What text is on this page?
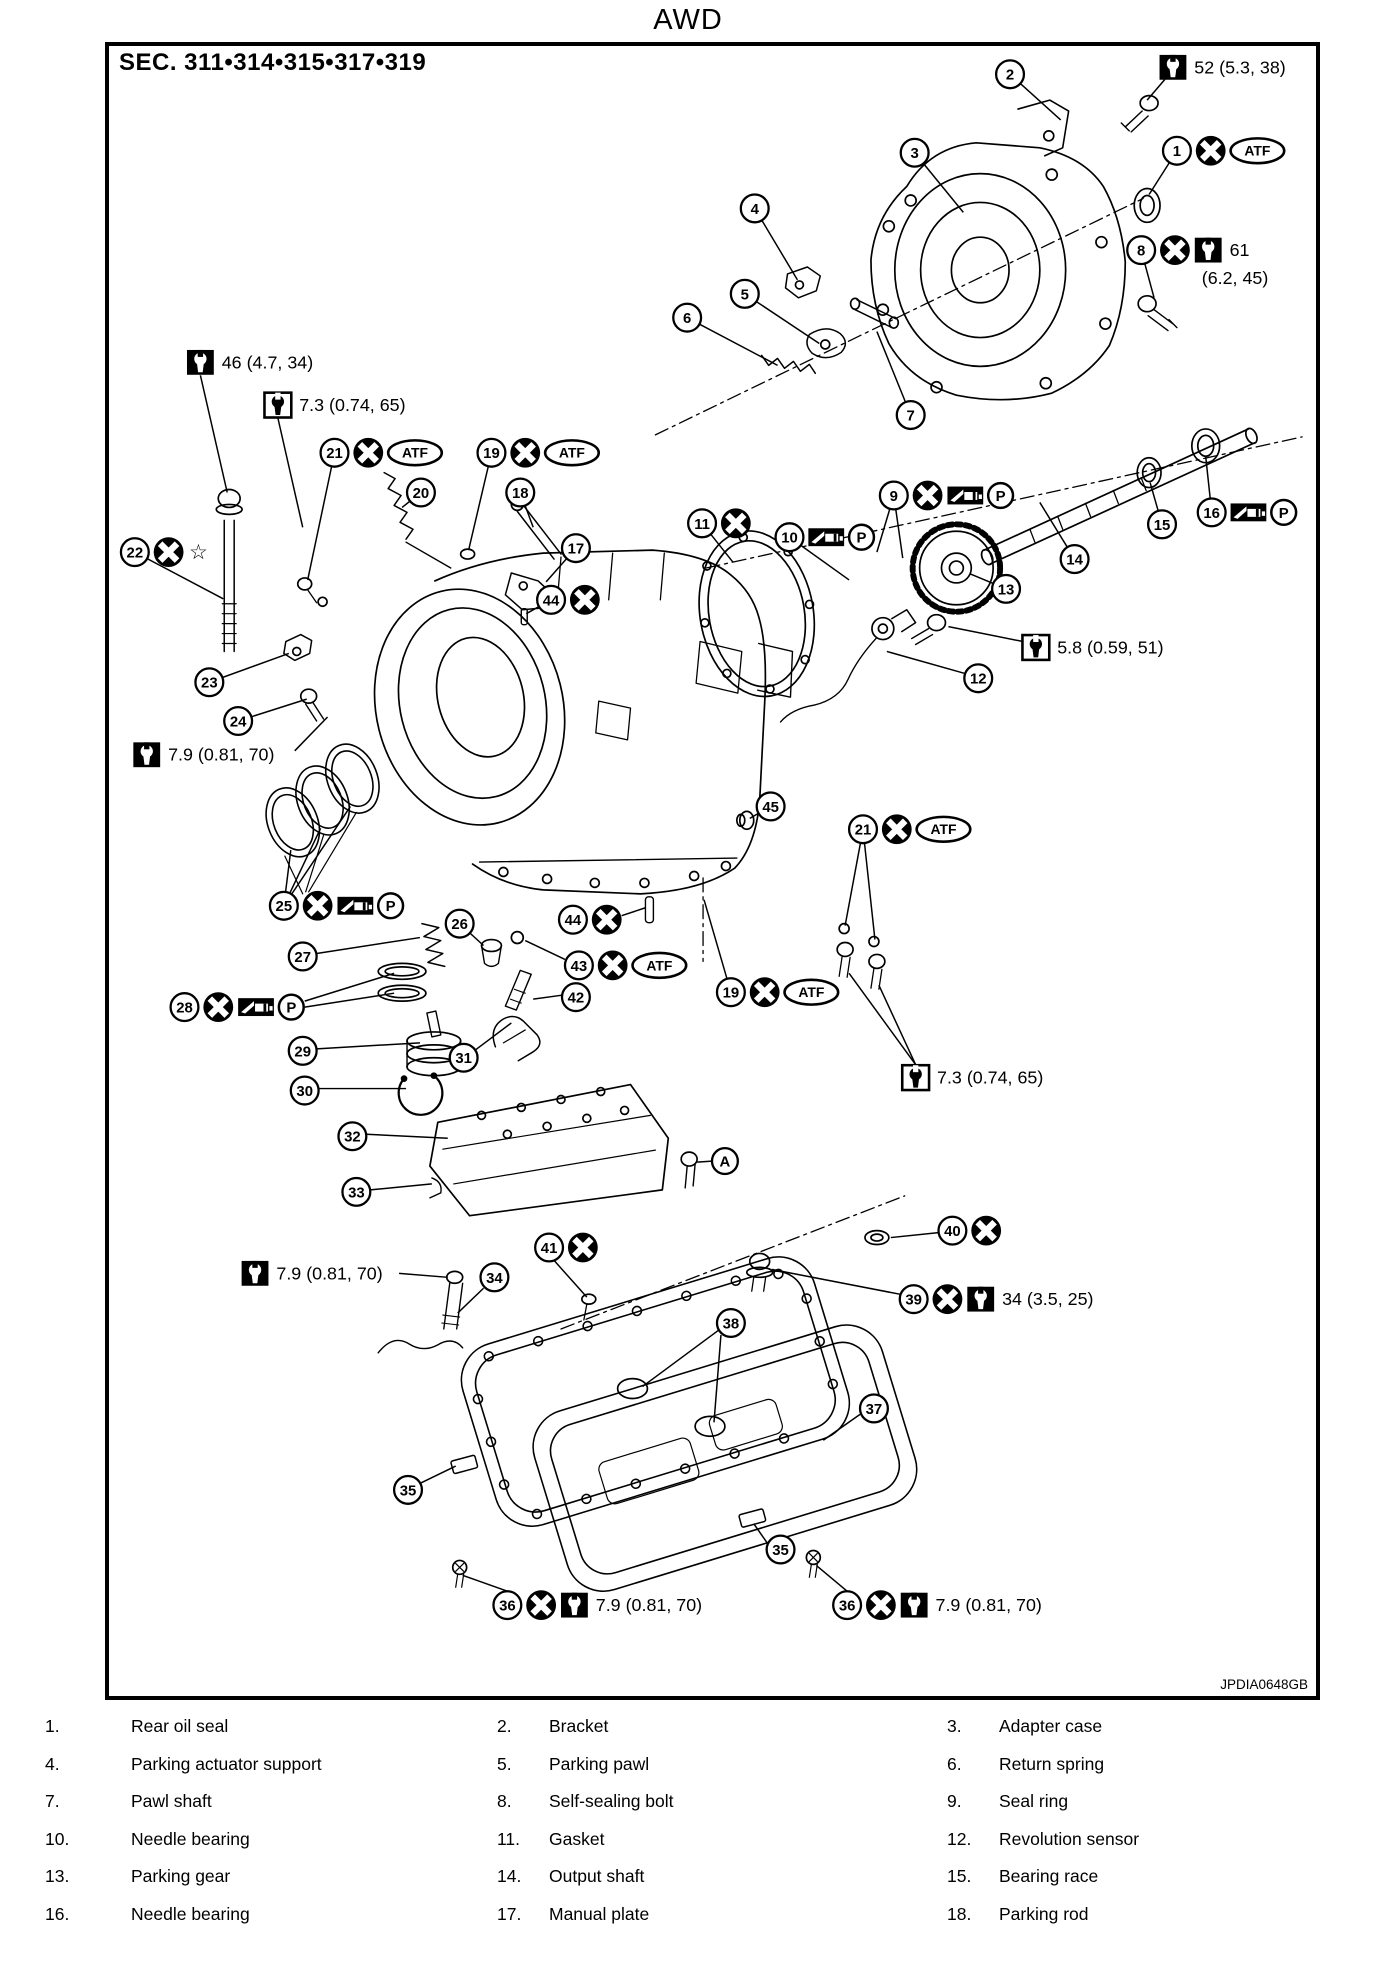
AWD
SEC. 311•314•315•317•319	2	52 (5.3, 38)
3	1	ATF
8	61
(6.2, 45)
4
5
6
7
46 (4.7, 34)
7.3 (0.74, 65)
21	ATF	19	ATF
20	18
17
44
11
10	P
9	P
13
14
15
16	P
22 ☆
23
24
7.9 (0.81, 70)
5.8 (0.59, 51)
12
45
21	ATF
25	P
26	44
43	ATF
27
42
28	P
19	ATF
29	31
30
7.3 (0.74, 65)
32
A
33
41
40
7.9 (0.81, 70)	34
39	34 (3.5, 25)
38
37
35
35
36	7.9 (0.81, 70)	36	7.9 (0.81, 70)
JPDIA0648GB
1.	Rear oil seal	2. Bracket	3. Adapter case
4.	Parking actuator support	5. Parking pawl	6. Return spring
7.	Pawl shaft	8. Self-sealing bolt	9. Seal ring
10.	Needle bearing	11. Gasket	12. Revolution sensor
13.	Parking gear	14. Output shaft	15. Bearing race
16.	Needle bearing	17. Manual plate	18. Parking rod
